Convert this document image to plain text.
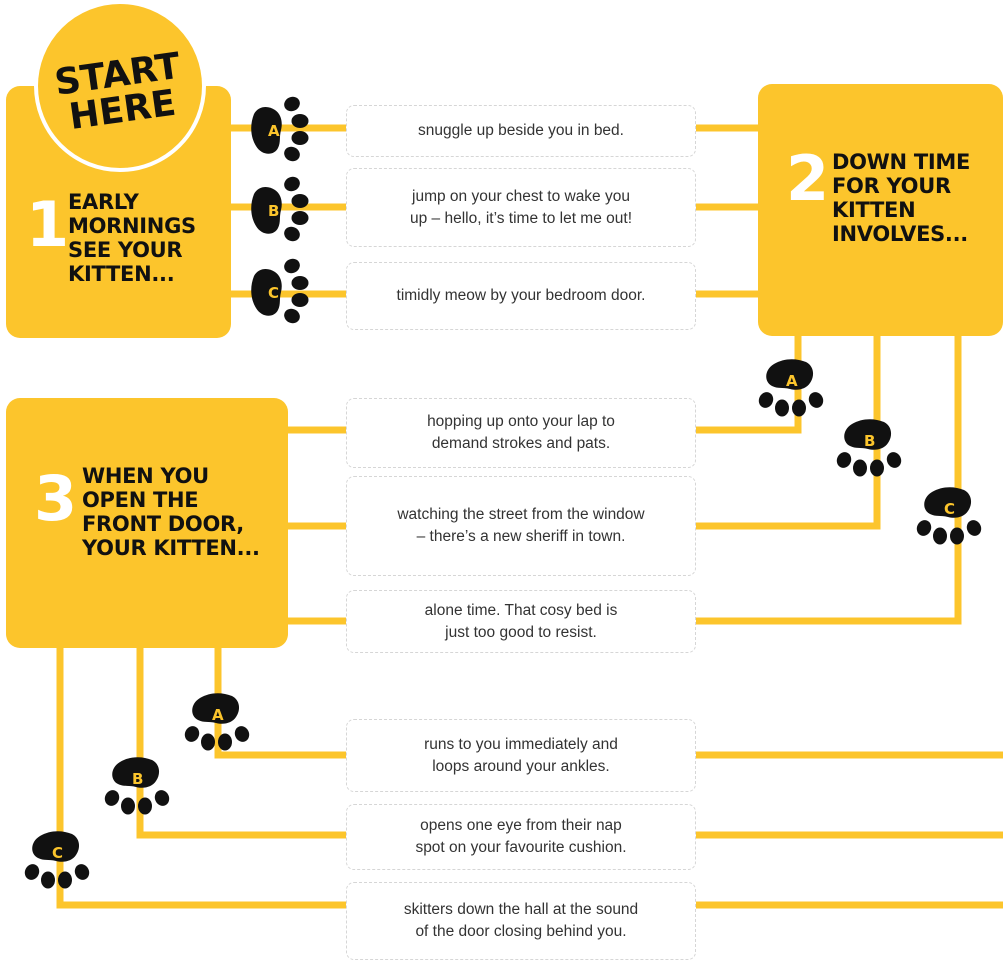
1
EARLY
MORNINGS
SEE YOUR
KITTEN...
START
HERE
2 DOWN TIME
FOR YOUR
KITTEN
INVOLVES...
3 WHEN YOU
OPEN THE
FRONT DOOR,
YOUR KITTEN...
snuggle up beside you in bed.
jump on your chest to wake you
up – hello, it’s time to let me out!
timidly meow by your bedroom door.
hopping up onto your lap to
demand strokes and pats.
watching the street from the window
– there’s a new sheriff in town.
alone time. That cosy bed is
just too good to resist.
runs to you immediately and
loops around your ankles.
opens one eye from their nap
spot on your favourite cushion.
skitters down the hall at the sound
of the door closing behind you.
A
B
C
A
B
C
A
B
C
